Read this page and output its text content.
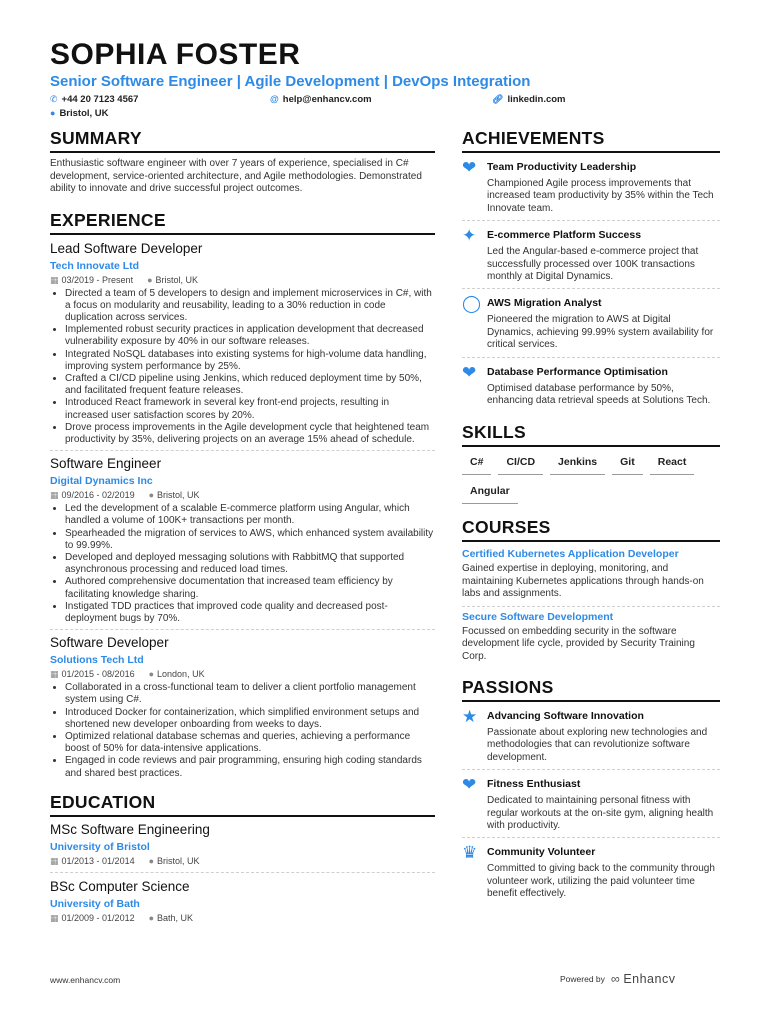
SOPHIA FOSTER
Senior Software Engineer | Agile Development | DevOps Integration
✆ +44 20 7123 4567	@ help@enhancv.com	🔗︎ linkedin.com
● Bristol, UK
SUMMARY
Enthusiastic software engineer with over 7 years of experience, specialised in C# development, service-oriented architecture, and Agile methodologies. Demonstrated ability to innovate and drive successful project outcomes.
EXPERIENCE
Lead Software Developer
Tech Innovate Ltd
▦ 03/2019 - Present ● Bristol, UK
• Directed a team of 5 developers to design and implement microservices in C#, with a focus on modularity and reusability, leading to a 30% reduction in code duplication across services.
• Implemented robust security practices in application development that decreased vulnerability exposure by 40% in our software releases.
• Integrated NoSQL databases into existing systems for high-volume data handling, improving system performance by 25%.
• Crafted a CI/CD pipeline using Jenkins, which reduced deployment time by 50%, and facilitated frequent feature releases.
• Introduced React framework in several key front-end projects, resulting in increased user satisfaction scores by 20%.
• Drove process improvements in the Agile development cycle that heightened team productivity by 35%, delivering projects on an average 15% ahead of schedule.
Software Engineer
Digital Dynamics Inc
▦ 09/2016 - 02/2019 ● Bristol, UK
• Led the development of a scalable E-commerce platform using Angular, which handled a volume of 100K+ transactions per month.
• Spearheaded the migration of services to AWS, which enhanced system availability to 99.99%.
• Developed and deployed messaging solutions with RabbitMQ that supported asynchronous processing and reduced load times.
• Authored comprehensive documentation that increased team efficiency by facilitating knowledge sharing.
• Instigated TDD practices that improved code quality and decreased post-deployment bugs by 70%.
Software Developer
Solutions Tech Ltd
▦ 01/2015 - 08/2016 ● London, UK
• Collaborated in a cross-functional team to deliver a client portfolio management system using C#.
• Introduced Docker for containerization, which simplified environment setups and shortened new developer onboarding from weeks to days.
• Optimized relational database schemas and queries, achieving a performance boost of 50% for data-intensive applications.
• Engaged in code reviews and pair programming, ensuring high coding standards and shared best practices.
EDUCATION
MSc Software Engineering
University of Bristol
▦ 01/2013 - 01/2014 ● Bristol, UK
BSc Computer Science
University of Bath
▦ 01/2009 - 01/2012 ● Bath, UK
ACHIEVEMENTS
❤	Team Productivity Leadership
Championed Agile process improvements that increased team productivity by 35% within the Tech Innovate team.
✦	E-commerce Platform Success
Led the Angular-based e-commerce project that successfully processed over 100K transactions monthly at Digital Dynamics.
◯ AWS Migration Analyst
Pioneered the migration to AWS at Digital Dynamics, achieving 99.99% system availability for critical services.
❤	Database Performance Optimisation
Optimised database performance by 50%, enhancing data retrieval speeds at Solutions Tech.
SKILLS
C#	CI/CD	Jenkins	Git	React
Angular
COURSES
Certified Kubernetes Application Developer
Gained expertise in deploying, monitoring, and maintaining Kubernetes applications through hands-on labs and assignments.
Secure Software Development
Focussed on embedding security in the software development life cycle, provided by Security Training Corp.
PASSIONS
★ Advancing Software Innovation
Passionate about exploring new technologies and methodologies that can revolutionize software development.
❤	Fitness Enthusiast
Dedicated to maintaining personal fitness with regular workouts at the on-site gym, aligning health with productivity.
♛ Community Volunteer
Committed to giving back to the community through volunteer work, utilizing the paid volunteer time benefit effectively.
www.enhancv.com	Powered by ∞ Enhancv
